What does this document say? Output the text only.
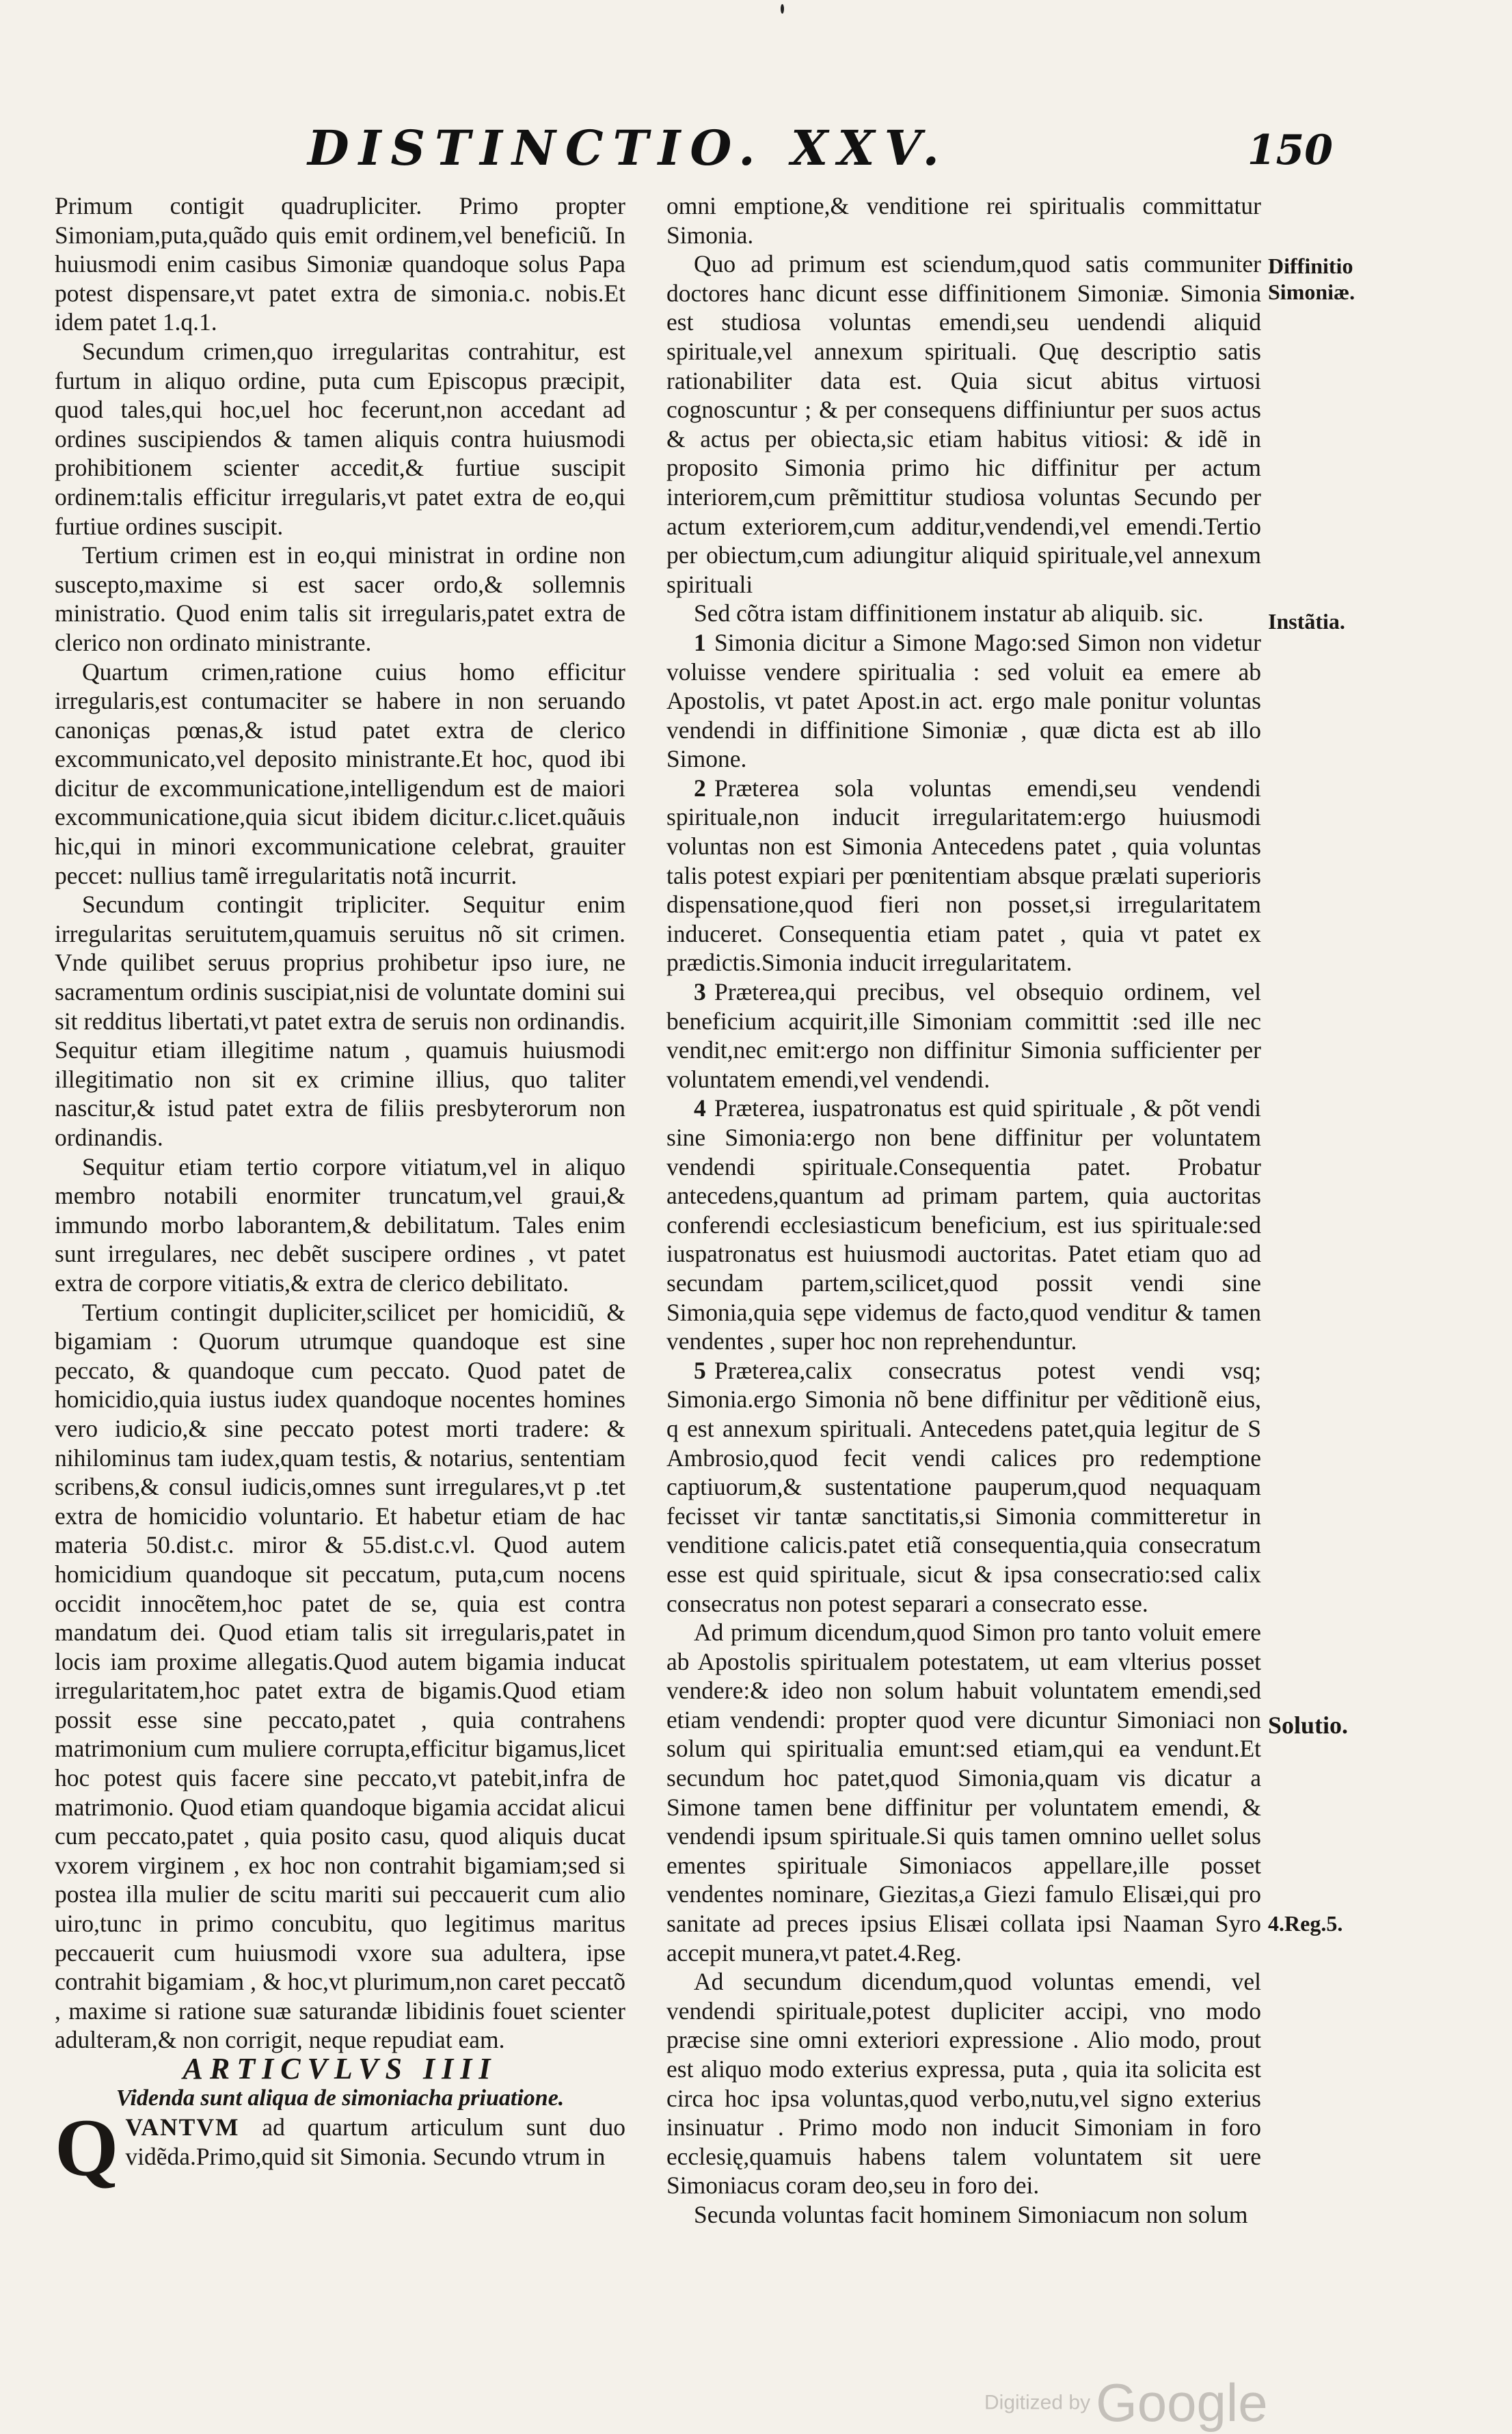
DISTINCTIO. XXV.	150

Primum contigit quadrupliciter. Primo propter Simoniam,puta,quãdo quis emit ordinem,vel beneficiũ. In huiusmodi enim casibus Simoniæ quandoque solus Papa potest dispensare,vt patet extra de simonia.c. nobis.Et idem patet 1.q.1.

Secundum crimen,quo irregularitas contrahitur, est furtum in aliquo ordine, puta cum Episcopus præcipit, quod tales,qui hoc,uel hoc fecerunt,non accedant ad ordines suscipiendos & tamen aliquis contra huiusmodi prohibitionem scienter accedit,& furtiue suscipit ordinem:talis efficitur irregularis,vt patet extra de eo,qui furtiue ordines suscipit.

Tertium crimen est in eo,qui ministrat in ordine non suscepto,maxime si est sacer ordo,& sollemnis ministratio. Quod enim talis sit irregularis,patet extra de clerico non ordinato ministrante.

Quartum crimen,ratione cuius homo efficitur irregularis,est contumaciter se habere in non seruando canoniças pœnas,& istud patet extra de clerico excommunicato,vel deposito ministrante.Et hoc, quod ibi dicitur de excommunicatione,intelligendum est de maiori excommunicatione,quia sicut ibidem dicitur.c.licet.quãuis hic,qui in minori excommunicatione celebrat, grauiter peccet: nullius tamẽ irregularitatis notã incurrit.

Secundum contingit tripliciter. Sequitur enim irregularitas seruitutem,quamuis seruitus nõ sit crimen. Vnde quilibet seruus proprius prohibetur ipso iure, ne sacramentum ordinis suscipiat,nisi de voluntate domini sui sit redditus libertati,vt patet extra de seruis non ordinandis. Sequitur etiam illegitime natum , quamuis huiusmodi illegitimatio non sit ex crimine illius, quo taliter nascitur,& istud patet extra de filiis presbyterorum non ordinandis.

Sequitur etiam tertio corpore vitiatum,vel in aliquo membro notabili enormiter truncatum,vel graui,& immundo morbo laborantem,& debilitatum. Tales enim sunt irregulares, nec debẽt suscipere ordines , vt patet extra de corpore vitiatis,& extra de clerico debilitato.

Tertium contingit dupliciter,scilicet per homicidiũ, & bigamiam : Quorum utrumque quandoque est sine peccato, & quandoque cum peccato. Quod patet de homicidio,quia iustus iudex quandoque nocentes homines vero iudicio,& sine peccato potest morti tradere: & nihilominus tam iudex,quam testis, & notarius, sententiam scribens,& consul iudicis,omnes sunt irregulares,vt p .tet extra de homicidio voluntario. Et habetur etiam de hac materia 50.dist.c. miror & 55.dist.c.vl. Quod autem homicidium quandoque sit peccatum, puta,cum nocens occidit innocẽtem,hoc patet de se, quia est contra mandatum dei. Quod etiam talis sit irregularis,patet in locis iam proxime allegatis.Quod autem bigamia inducat irregularitatem,hoc patet extra de bigamis.Quod etiam possit esse sine peccato,patet , quia contrahens matrimonium cum muliere corrupta,efficitur bigamus,licet hoc potest quis facere sine peccato,vt patebit,infra de matrimonio. Quod etiam quandoque bigamia accidat alicui cum peccato,patet , quia posito casu, quod aliquis ducat vxorem virginem , ex hoc non contrahit bigamiam;sed si postea illa mulier de scitu mariti sui peccauerit cum alio uiro,tunc in primo concubitu, quo legitimus maritus peccauerit cum huiusmodi vxore sua adultera, ipse contrahit bigamiam , & hoc,vt plurimum,non caret peccatõ , maxime si ratione suæ saturandæ libidinis fouet scienter adulteram,& non corrigit, neque repudiat eam.

ARTICVLVS IIII

Videnda sunt aliqua de simoniacha priuatione.

QVANTVM ad quartum articulum sunt duo vidẽda.Primo,quid sit Simonia. Secundo vtrum in

omni emptione,& venditione rei spiritualis committatur Simonia.

Quo ad primum est sciendum,quod satis communiter doctores hanc dicunt esse diffinitionem Simoniæ. Simonia est studiosa voluntas emendi,seu uendendi aliquid spirituale,vel annexum spirituali. Quę descriptio satis rationabiliter data est. Quia sicut abitus virtuosi cognoscuntur ; & per consequens diffiniuntur per suos actus & actus per obiecta,sic etiam habitus vitiosi: & idẽ in proposito Simonia primo hic diffinitur per actum interiorem,cum prẽmittitur studiosa voluntas Secundo per actum exteriorem,cum additur,vendendi,vel emendi.Tertio per obiectum,cum adiungitur aliquid spirituale,vel annexum spirituali

Sed cõtra istam diffinitionem instatur ab aliquib. sic.

1 Simonia dicitur a Simone Mago:sed Simon non videtur voluisse vendere spiritualia : sed voluit ea emere ab Apostolis, vt patet Apost.in act. ergo male ponitur voluntas vendendi in diffinitione Simoniæ , quæ dicta est ab illo Simone.

2 Præterea sola voluntas emendi,seu vendendi spirituale,non inducit irregularitatem:ergo huiusmodi voluntas non est Simonia Antecedens patet , quia voluntas talis potest expiari per pœnitentiam absque prælati superioris dispensatione,quod fieri non posset,si irregularitatem induceret. Consequentia etiam patet , quia vt patet ex prædictis.Simonia inducit irregularitatem.

3 Præterea,qui precibus, vel obsequio ordinem, vel beneficium acquirit,ille Simoniam committit :sed ille nec vendit,nec emit:ergo non diffinitur Simonia sufficienter per voluntatem emendi,vel vendendi.

4 Præterea, iuspatronatus est quid spirituale , & põt vendi sine Simonia:ergo non bene diffinitur per voluntatem vendendi spirituale.Consequentia patet. Probatur antecedens,quantum ad primam partem, quia auctoritas conferendi ecclesiasticum beneficium, est ius spirituale:sed iuspatronatus est huiusmodi auctoritas. Patet etiam quo ad secundam partem,scilicet,quod possit vendi sine Simonia,quia sępe videmus de facto,quod venditur & tamen vendentes , super hoc non reprehenduntur.

5 Præterea,calix consecratus potest vendi vsq; Simonia.ergo Simonia nõ bene diffinitur per vẽditionẽ eius, q est annexum spirituali. Antecedens patet,quia legitur de S Ambrosio,quod fecit vendi calices pro redemptione captiuorum,& sustentatione pauperum,quod nequaquam fecisset vir tantæ sanctitatis,si Simonia committeretur in venditione calicis.patet etiã consequentia,quia consecratum esse est quid spirituale, sicut & ipsa consecratio:sed calix consecratus non potest separari a consecrato esse.

Ad primum dicendum,quod Simon pro tanto voluit emere ab Apostolis spiritualem potestatem, ut eam vlterius posset vendere:& ideo non solum habuit voluntatem emendi,sed etiam vendendi: propter quod vere dicuntur Simoniaci non solum qui spiritualia emunt:sed etiam,qui ea vendunt.Et secundum hoc patet,quod Simonia,quam vis dicatur a Simone tamen bene diffinitur per voluntatem emendi, & vendendi ipsum spirituale.Si quis tamen omnino uellet solus ementes spirituale Simoniacos appellare,ille posset vendentes nominare, Giezitas,a Giezi famulo Elisæi,qui pro sanitate ad preces ipsius Elisæi collata ipsi Naaman Syro accepit munera,vt patet.4.Reg.

Ad secundum dicendum,quod voluntas emendi, vel vendendi spirituale,potest dupliciter accipi, vno modo præcise sine omni exteriori expressione . Alio modo, prout est aliquo modo exterius expressa, puta , quia ita solicita est circa hoc ipsa voluntas,quod verbo,nutu,vel signo exterius insinuatur . Primo modo non inducit Simoniam in foro ecclesię,quamuis habens talem voluntatem sit uere Simoniacus coram deo,seu in foro dei.

Secunda voluntas facit hominem Simoniacum non solum

Diffinitio Simoniæ.
Instãtia.
Solutio.
4.Reg.5.
Digitized by Google
